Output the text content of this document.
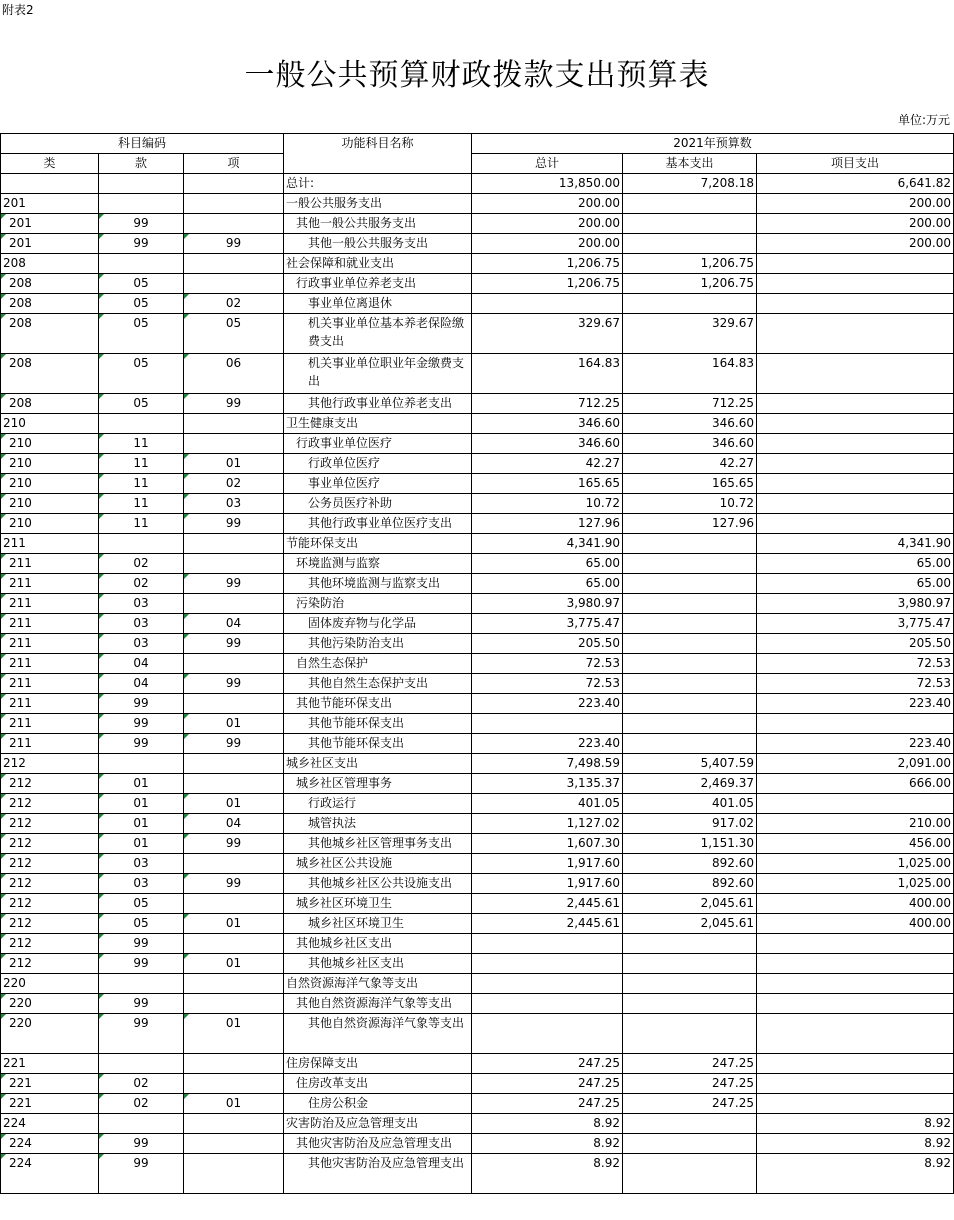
附表2
一般公共预算财政拨款支出预算表
单位:万元
科目编码			功能科目名称	2021年预算数		
类	款	项		总计	基本支出	项目支出
			总计:	13,850.00	7,208.18	6,641.82
201			一般公共服务支出	200.00		200.00
201	99		其他一般公共服务支出	200.00		200.00
201	99	99	其他一般公共服务支出	200.00		200.00
208			社会保障和就业支出	1,206.75	1,206.75	
208	05		行政事业单位养老支出	1,206.75	1,206.75	
208	05	02	事业单位离退休			
208	05	05	机关事业单位基本养老保险缴费支出	329.67	329.67	
208	05	06	机关事业单位职业年金缴费支出	164.83	164.83	
208	05	99	其他行政事业单位养老支出	712.25	712.25	
210			卫生健康支出	346.60	346.60	
210	11		行政事业单位医疗	346.60	346.60	
210	11	01	行政单位医疗	42.27	42.27	
210	11	02	事业单位医疗	165.65	165.65	
210	11	03	公务员医疗补助	10.72	10.72	
210	11	99	其他行政事业单位医疗支出	127.96	127.96	
211			节能环保支出	4,341.90		4,341.90
211	02		环境监测与监察	65.00		65.00
211	02	99	其他环境监测与监察支出	65.00		65.00
211	03		污染防治	3,980.97		3,980.97
211	03	04	固体废弃物与化学品	3,775.47		3,775.47
211	03	99	其他污染防治支出	205.50		205.50
211	04		自然生态保护	72.53		72.53
211	04	99	其他自然生态保护支出	72.53		72.53
211	99		其他节能环保支出	223.40		223.40
211	99	01	其他节能环保支出			
211	99	99	其他节能环保支出	223.40		223.40
212			城乡社区支出	7,498.59	5,407.59	2,091.00
212	01		城乡社区管理事务	3,135.37	2,469.37	666.00
212	01	01	行政运行	401.05	401.05	
212	01	04	城管执法	1,127.02	917.02	210.00
212	01	99	其他城乡社区管理事务支出	1,607.30	1,151.30	456.00
212	03		城乡社区公共设施	1,917.60	892.60	1,025.00
212	03	99	其他城乡社区公共设施支出	1,917.60	892.60	1,025.00
212	05		城乡社区环境卫生	2,445.61	2,045.61	400.00
212	05	01	城乡社区环境卫生	2,445.61	2,045.61	400.00
212	99		其他城乡社区支出			
212	99	01	其他城乡社区支出			
220			自然资源海洋气象等支出			
220	99		其他自然资源海洋气象等支出			
220	99	01	其他自然资源海洋气象等支出			
221			住房保障支出	247.25	247.25	
221	02		住房改革支出	247.25	247.25	
221	02	01	住房公积金	247.25	247.25	
224			灾害防治及应急管理支出	8.92		8.92
224	99		其他灾害防治及应急管理支出	8.92		8.92
224	99		其他灾害防治及应急管理支出	8.92		8.92
